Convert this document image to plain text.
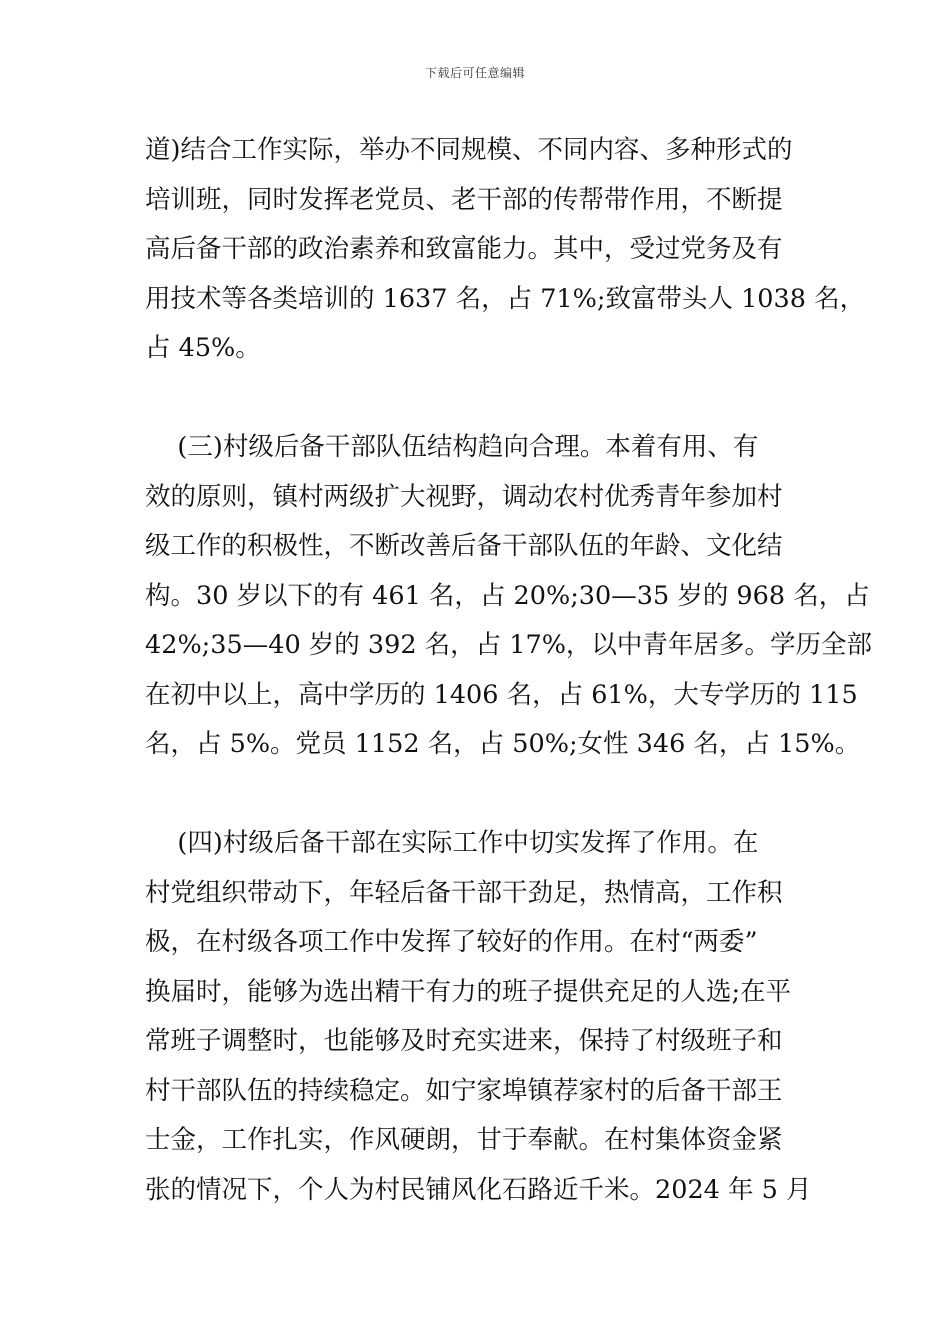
下载后可任意编辑
道)结合工作实际，举办不同规模、不同内容、多种形式的
培训班，同时发挥老党员、老干部的传帮带作用，不断提
高后备干部的政治素养和致富能力。其中，受过党务及有
用技术等各类培训的 1637 名，占 71%;致富带头人 1038 名，
占 45%。
(三)村级后备干部队伍结构趋向合理。本着有用、有
效的原则，镇村两级扩大视野，调动农村优秀青年参加村
级工作的积极性，不断改善后备干部队伍的年龄、文化结
构。30 岁以下的有 461 名，占 20%;30—35 岁的 968 名，占
42%;35—40 岁的 392 名，占 17%，以中青年居多。学历全部
在初中以上，高中学历的 1406 名，占 61%，大专学历的 115
名，占 5%。党员 1152 名，占 50%;女性 346 名，占 15%。
(四)村级后备干部在实际工作中切实发挥了作用。在
村党组织带动下，年轻后备干部干劲足，热情高，工作积
极，在村级各项工作中发挥了较好的作用。在村“两委”
换届时，能够为选出精干有力的班子提供充足的人选;在平
常班子调整时，也能够及时充实进来，保持了村级班子和
村干部队伍的持续稳定。如宁家埠镇荐家村的后备干部王
士金，工作扎实，作风硬朗，甘于奉献。在村集体资金紧
张的情况下，个人为村民铺风化石路近千米。2024 年 5 月
